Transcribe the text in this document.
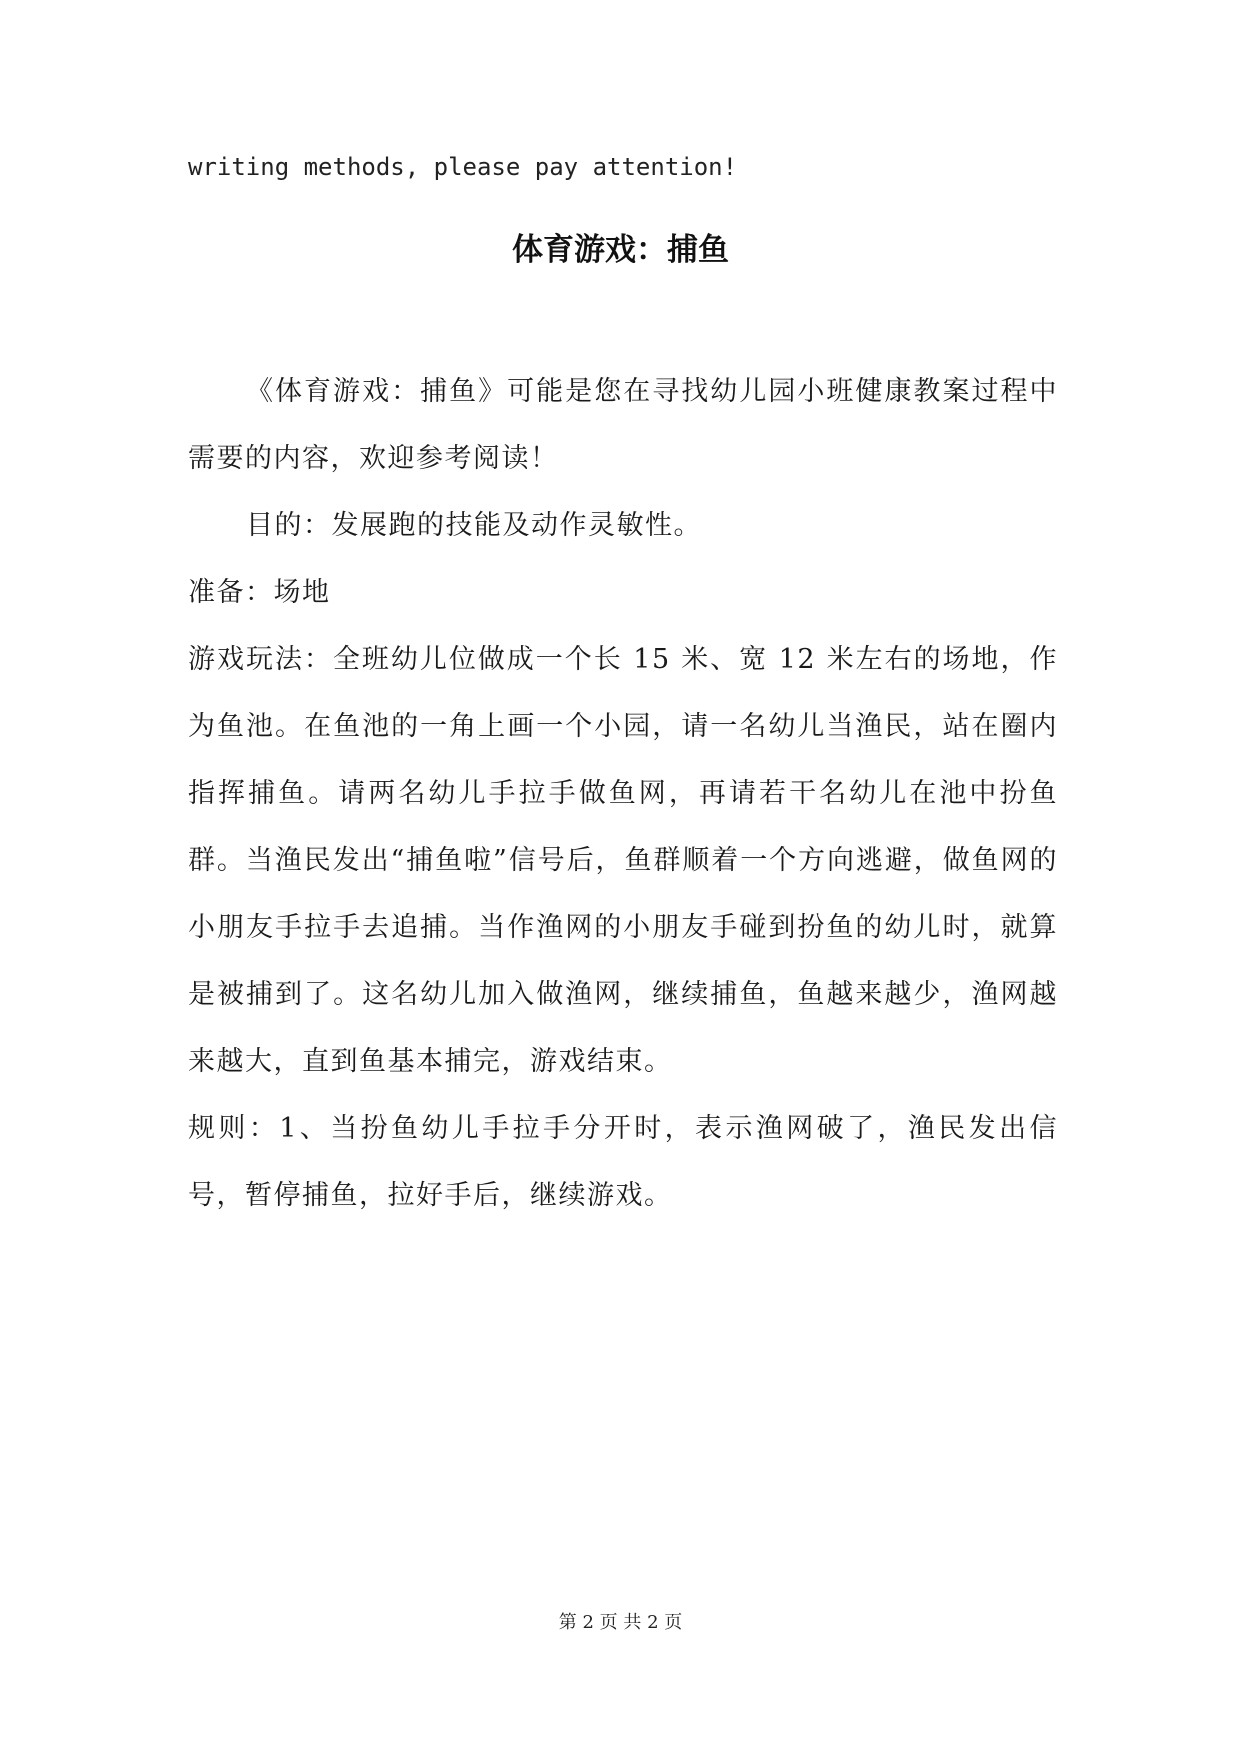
writing methods, please pay attention!
体育游戏：捕鱼

《体育游戏：捕鱼》可能是您在寻找幼儿园小班健康教案过程中需要的内容，欢迎参考阅读！

目的：发展跑的技能及动作灵敏性。

准备：场地

游戏玩法：全班幼儿位做成一个长 15 米、宽 12 米左右的场地，作为鱼池。在鱼池的一角上画一个小园，请一名幼儿当渔民，站在圈内指挥捕鱼。请两名幼儿手拉手做鱼网，再请若干名幼儿在池中扮鱼群。当渔民发出“捕鱼啦”信号后，鱼群顺着一个方向逃避，做鱼网的小朋友手拉手去追捕。当作渔网的小朋友手碰到扮鱼的幼儿时，就算是被捕到了。这名幼儿加入做渔网，继续捕鱼，鱼越来越少，渔网越来越大，直到鱼基本捕完，游戏结束。

规则：1、当扮鱼幼儿手拉手分开时，表示渔网破了，渔民发出信号，暂停捕鱼，拉好手后，继续游戏。

第 2 页 共 2 页
